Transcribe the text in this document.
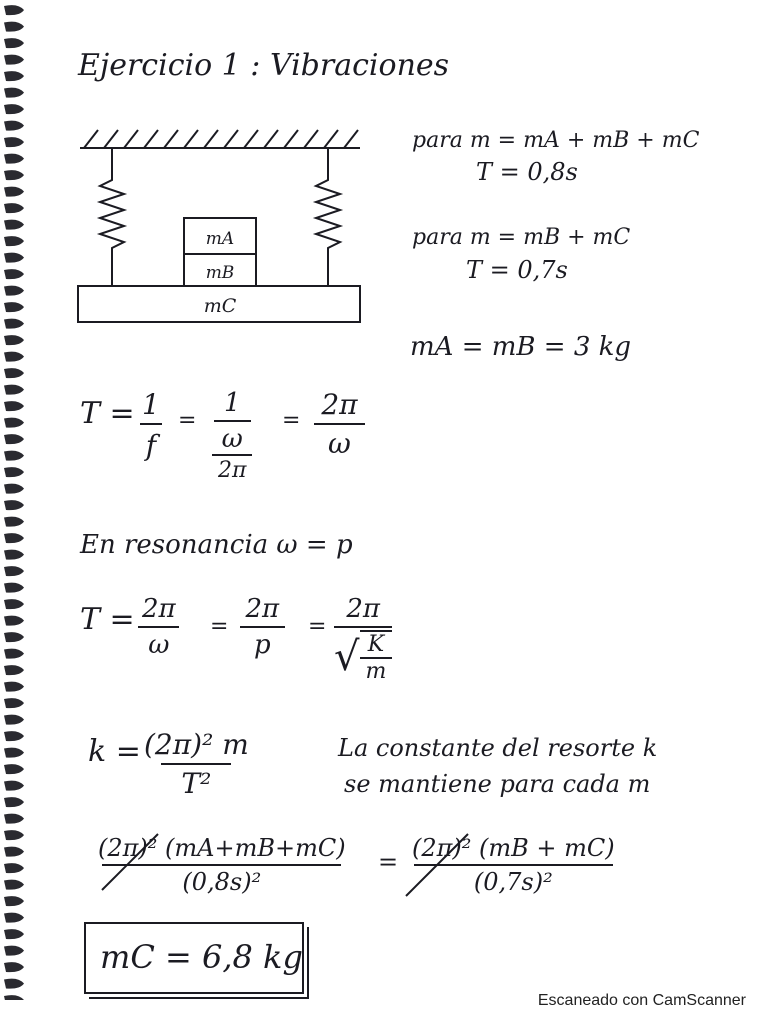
Ejercicio 1 : Vibraciones
mA
mB
mC
para m = mA + mB + mC
T = 0,8s
para m = mB + mC
T = 0,7s
mA = mB = 3 kg
$T = \frac{1}{f}$ =
1
ω
2π
= $\frac{2\pi}{\omega}$
En resonancia ω = p
$T = \frac{2\pi}{\omega} = \frac{2\pi}{p} = 2\pi$
√ K
m
$k = \frac{\text{(2π)² m}}{\text{T²}}$	La constante del resorte k
se mantiene para cada m
$\frac{\text{(2π)² (mA+mB+mC)}}{\text{(0,8s)²}} = \frac{\text{(2π)² (mB + mC)}}{\text{(0,7s)²}}$
mC = 6,8 kg
Escaneado con CamScanner
